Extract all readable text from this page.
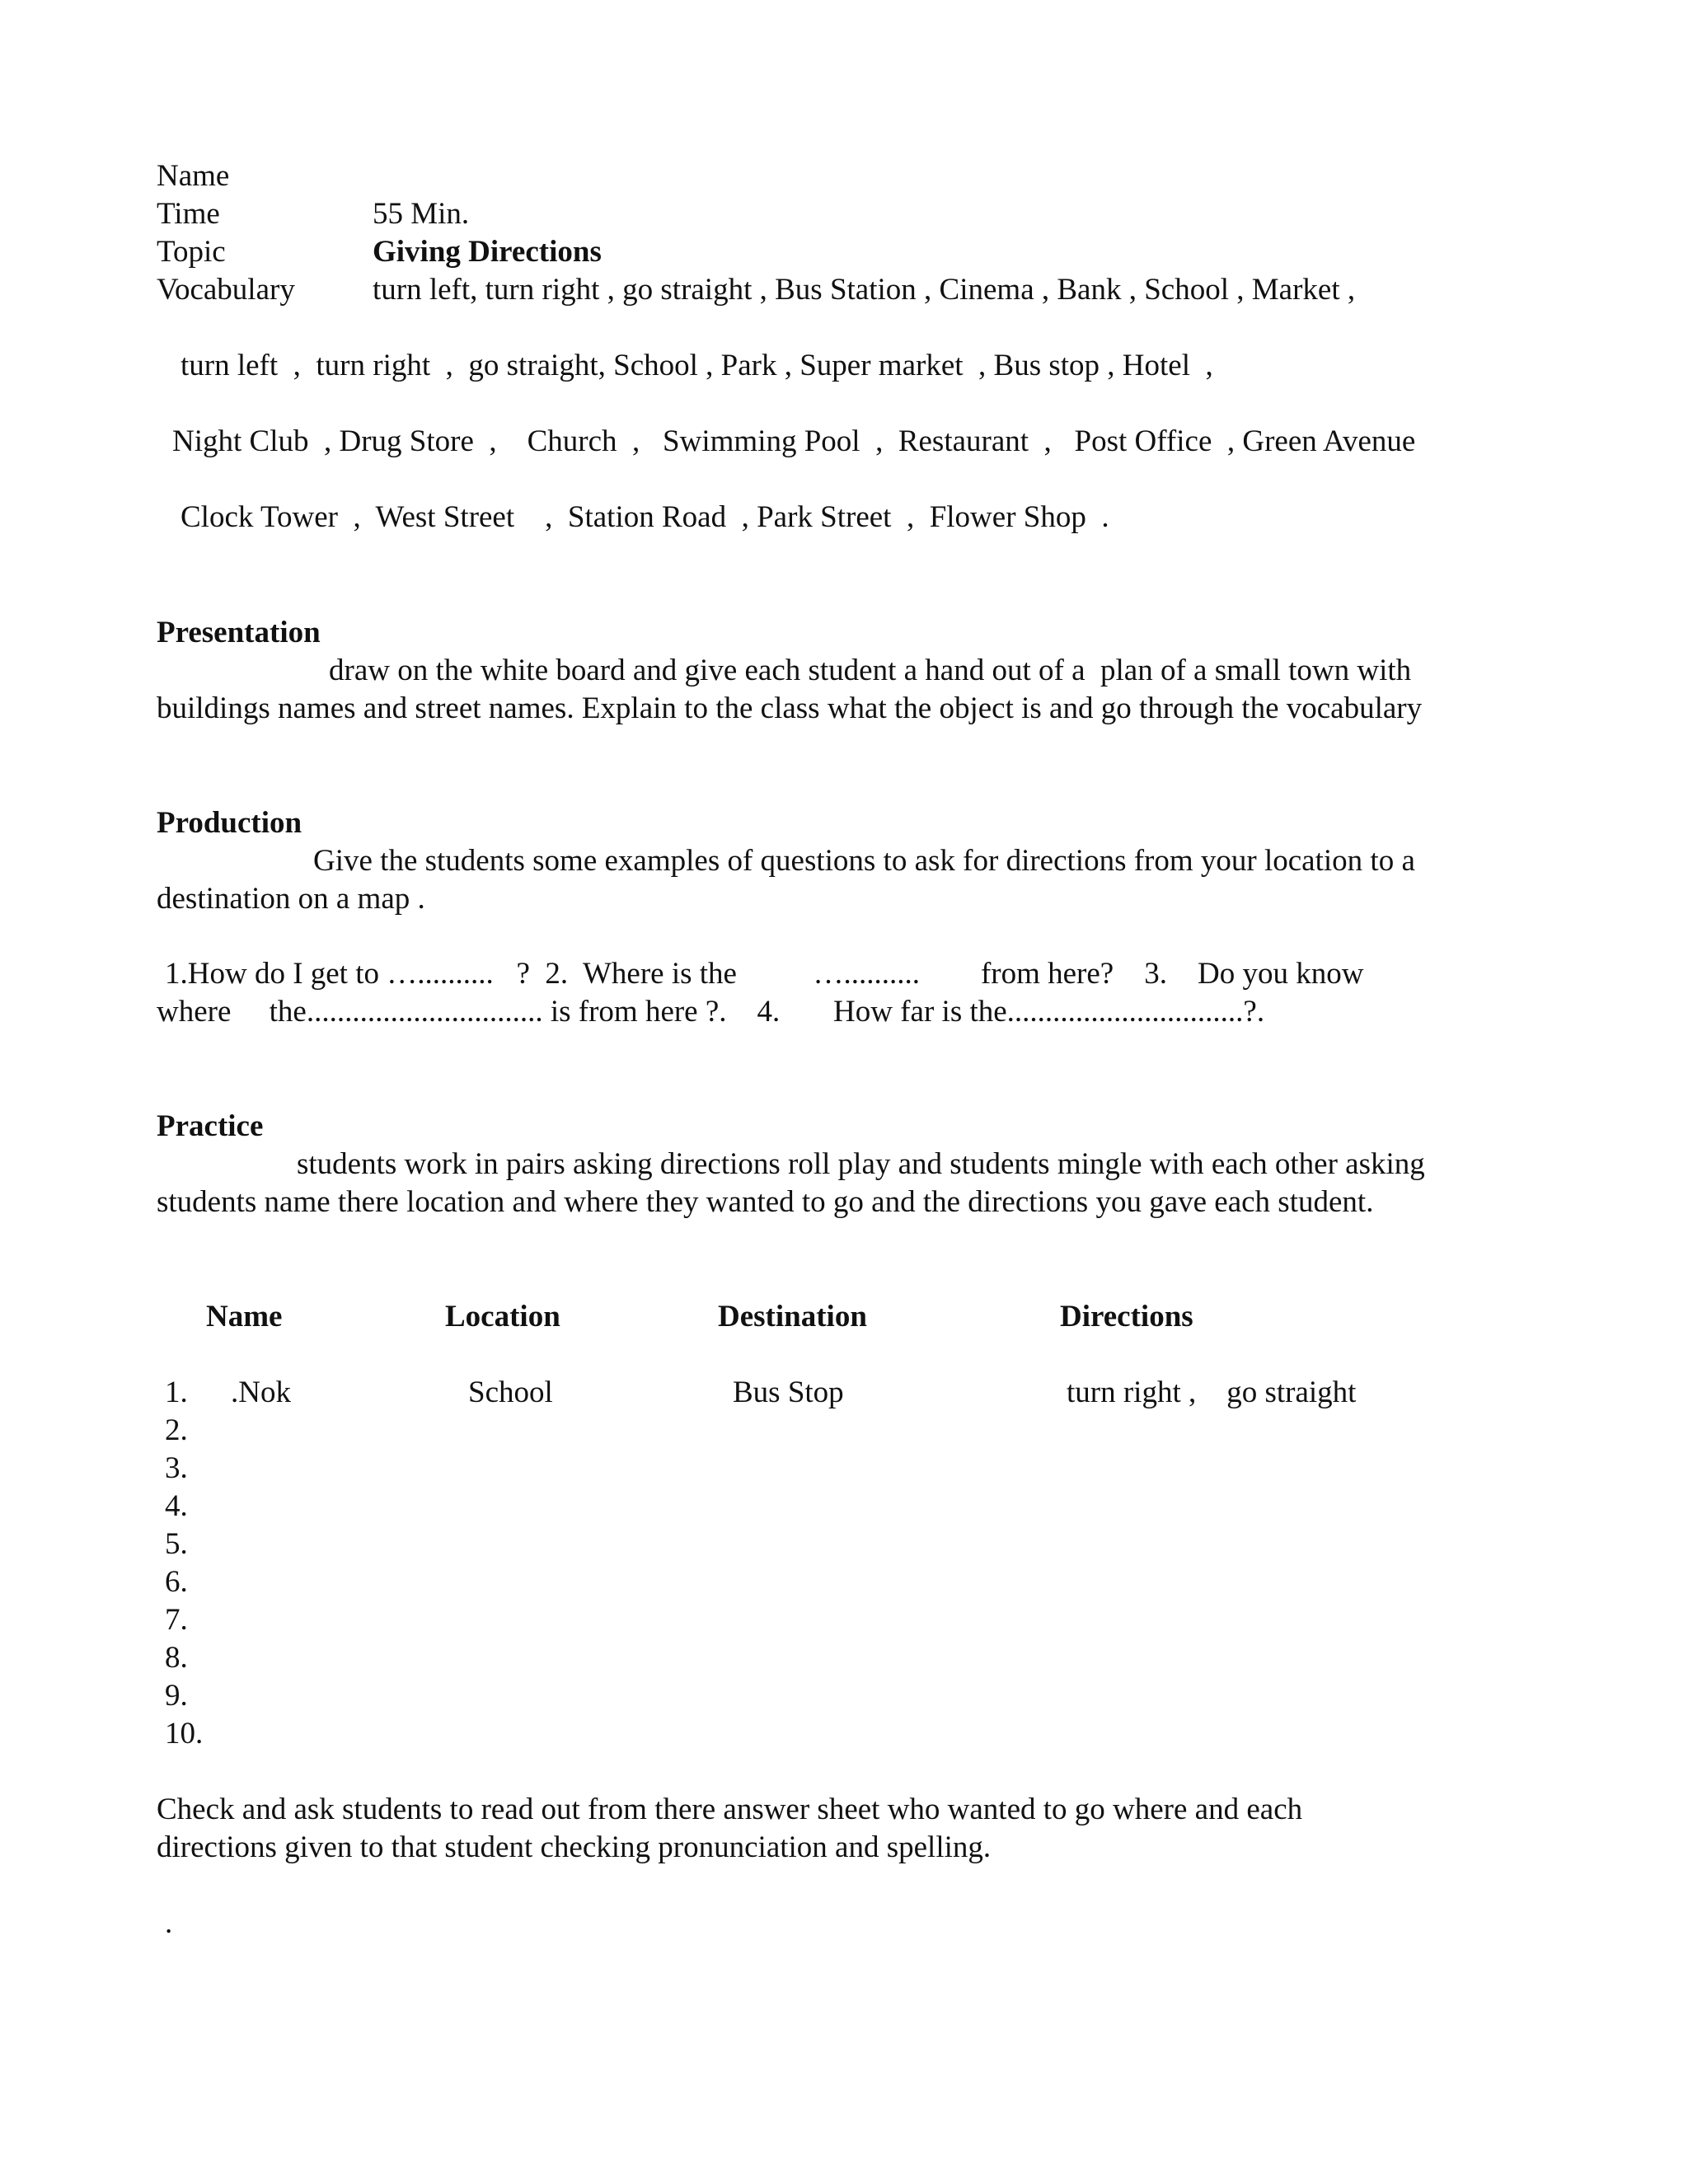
Name
Time	55 Min.
Topic	Giving Directions
Vocabulary	turn left, turn right , go straight , Bus Station , Cinema , Bank , School , Market ,
turn left  ,  turn right  ,  go straight, School , Park , Super market  , Bus stop , Hotel  ,
Night Club  , Drug Store  ,    Church  ,   Swimming Pool  ,  Restaurant  ,   Post Office  , Green Avenue
Clock Tower  ,  West Street    ,  Station Road  , Park Street  ,  Flower Shop  .
Presentation
draw on the white board and give each student a hand out of a  plan of a small town with
buildings names and street names. Explain to the class what the object is and go through the vocabulary
Production
Give the students some examples of questions to ask for directions from your location to a
destination on a map .
1.How do I get to …..........   ?  2.  Where is the          …..........        from here?    3.    Do you know
where     the............................... is from here ?.    4.       How far is the...............................?.
Practice
students work in pairs asking directions roll play and students mingle with each other asking
students name there location and where they wanted to go and the directions you gave each student.
Name	Location	Destination	Directions
1. .Nok	School	Bus Stop	turn right ,    go straight
2.
3.
4.
5.
6.
7.
8.
9.
10.
Check and ask students to read out from there answer sheet who wanted to go where and each
directions given to that student checking pronunciation and spelling.
.
